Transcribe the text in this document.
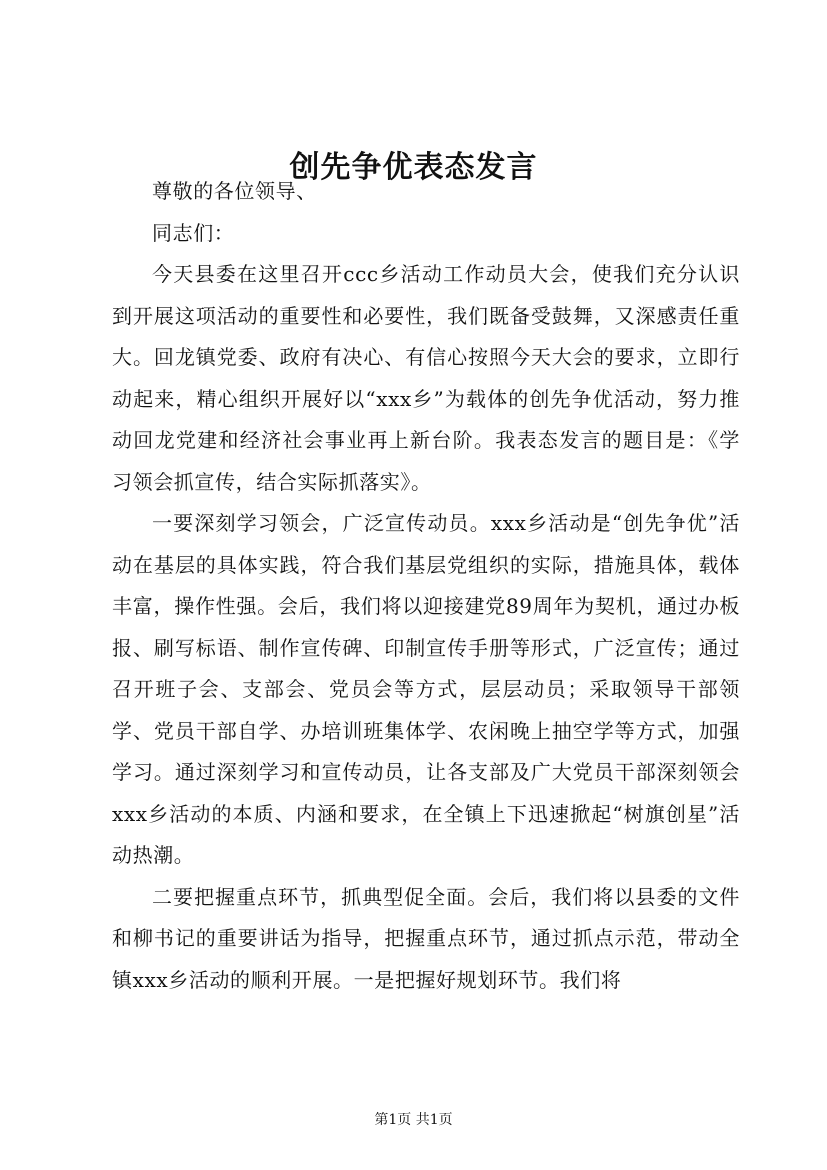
创先争优表态发言

尊敬的各位领导、

同志们：

今天县委在这里召开ccc乡活动工作动员大会，使我们充分认识到开展这项活动的重要性和必要性，我们既备受鼓舞，又深感责任重大。回龙镇党委、政府有决心、有信心按照今天大会的要求，立即行动起来，精心组织开展好以“xxx乡”为载体的创先争优活动，努力推动回龙党建和经济社会事业再上新台阶。我表态发言的题目是：《学习领会抓宣传，结合实际抓落实》。

一要深刻学习领会，广泛宣传动员。xxx乡活动是“创先争优”活动在基层的具体实践，符合我们基层党组织的实际，措施具体，载体丰富，操作性强。会后，我们将以迎接建党89周年为契机，通过办板报、刷写标语、制作宣传碑、印制宣传手册等形式，广泛宣传；通过召开班子会、支部会、党员会等方式，层层动员；采取领导干部领学、党员干部自学、办培训班集体学、农闲晚上抽空学等方式，加强学习。通过深刻学习和宣传动员，让各支部及广大党员干部深刻领会xxx乡活动的本质、内涵和要求，在全镇上下迅速掀起“树旗创星”活动热潮。

二要把握重点环节，抓典型促全面。会后，我们将以县委的文件和柳书记的重要讲话为指导，把握重点环节，通过抓点示范，带动全镇xxx乡活动的顺利开展。一是把握好规划环节。我们将

第1页 共1页
